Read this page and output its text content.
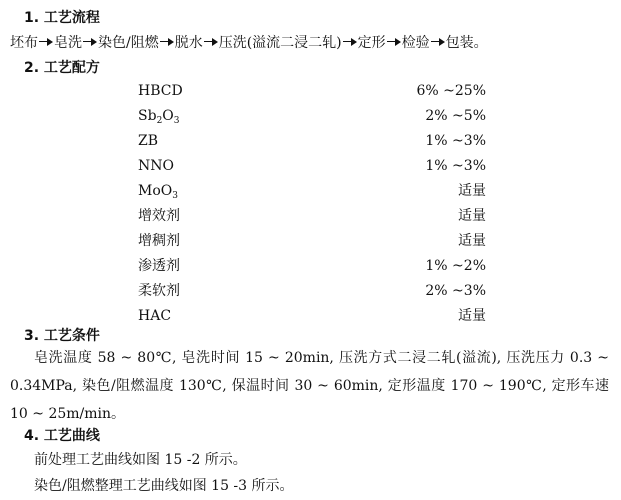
1. 工艺流程
坯布 皂洗 染色/阻燃 脱水 压洗(溢流二浸二轧) 定形 检验 包装。
2. 工艺配方
HBCD	6% ~25%
$Sb_2O_3$	2% ~5%
ZB	1% ~3%
NNO	1% ~3%
MoO$_3$	适量
增效剂	适量
增稠剂	适量
渗透剂	1% ~2%
柔软剂	2% ~3%
HAC	适量
3. 工艺条件
皂洗温度 58 ~ 80℃, 皂洗时间 15 ~ 20min, 压洗方式二浸二轧(溢流), 压洗压力 0.3 ~ 0.34MPa, 染色/阻燃温度 130℃, 保温时间 30 ~ 60min, 定形温度 170 ~ 190℃, 定形车速 10 ~ 25m/min。
4. 工艺曲线
前处理工艺曲线如图 15 -2 所示。
染色/阻燃整理工艺曲线如图 15 -3 所示。
